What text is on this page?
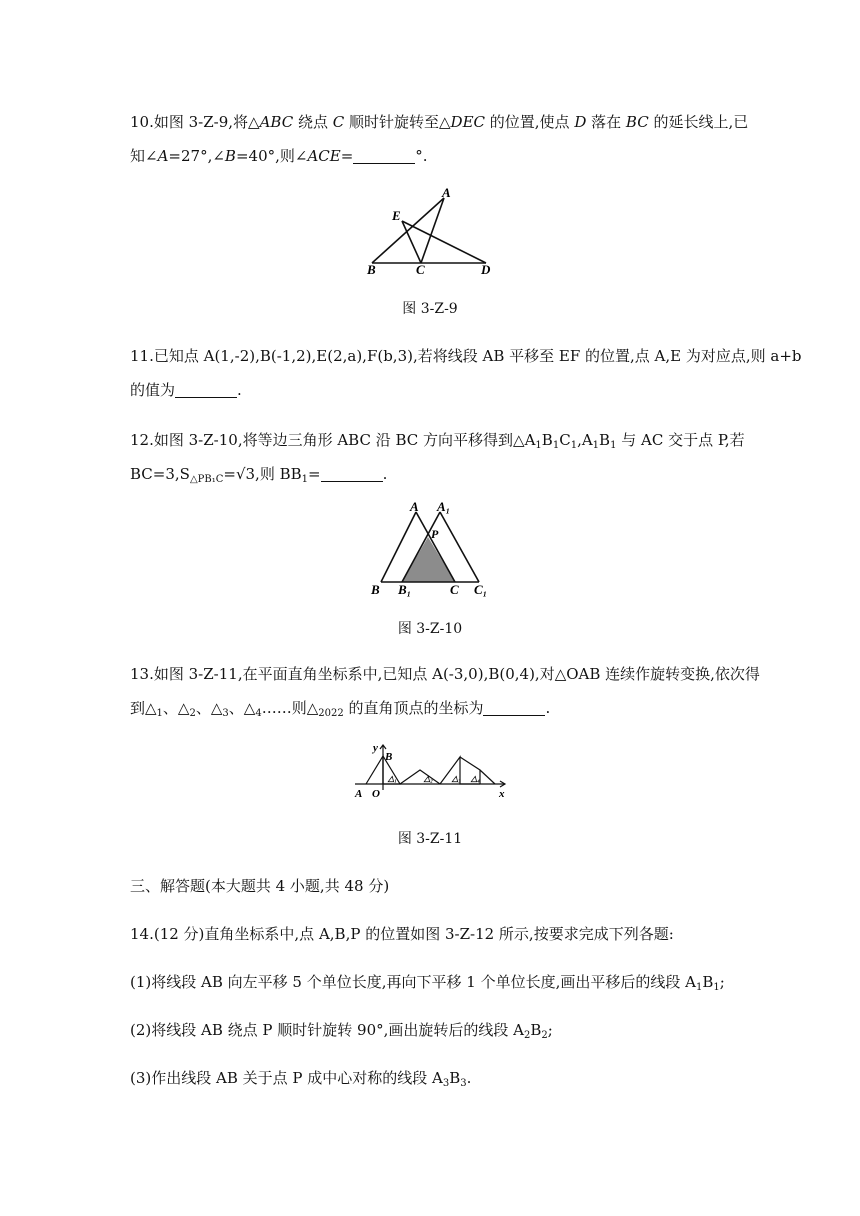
10.如图 3-Z-9,将△ABC 绕点 C 顺时针旋转至△DEC 的位置,使点 D 落在 BC 的延长线上,已
知∠A=27°,∠B=40°,则∠ACE=	°.
A
E
B	C	D
图 3-Z-9
11.已知点 A(1,-2),B(-1,2),E(2,a),F(b,3),若将线段 AB 平移至 EF 的位置,点 A,E 为对应点,则 a+b
的值为	.
12.如图 3-Z-10,将等边三角形 ABC 沿 BC 方向平移得到$\triangle A_1B_1C_1,A_1B_1$ 与 AC 交于点 P,若
$BC=3,S_{\triangle PB_1C}=√3$,则 $BB_1=$	.
A A₁
P
B B₁	C C₁
图 3-Z-10
13.如图 3-Z-11,在平面直角坐标系中,已知点 A(-3,0),B(0,4),对△OAB 连续作旋转变换,依次得
到$\triangle_1$、$\triangle_2$、$\triangle_3$、$\triangle_4\dots\dots$则$\triangle_{2022}$ 的直角顶点的坐标为	.
y
B
A O	x
△₁	△₂ △₃ △₄
图 3-Z-11
三、解答题(本大题共 4 小题,共 48 分)
14.(12 分)直角坐标系中,点 A,B,P 的位置如图 3-Z-12 所示,按要求完成下列各题:
(1)将线段 AB 向左平移 5 个单位长度,再向下平移 1 个单位长度,画出平移后的线段 $A_1B_1$;
(2)将线段 AB 绕点 P 顺时针旋转 90°,画出旋转后的线段 $A_2B_2$;
(3)作出线段 AB 关于点 P 成中心对称的线段 $A_3B_3$.
